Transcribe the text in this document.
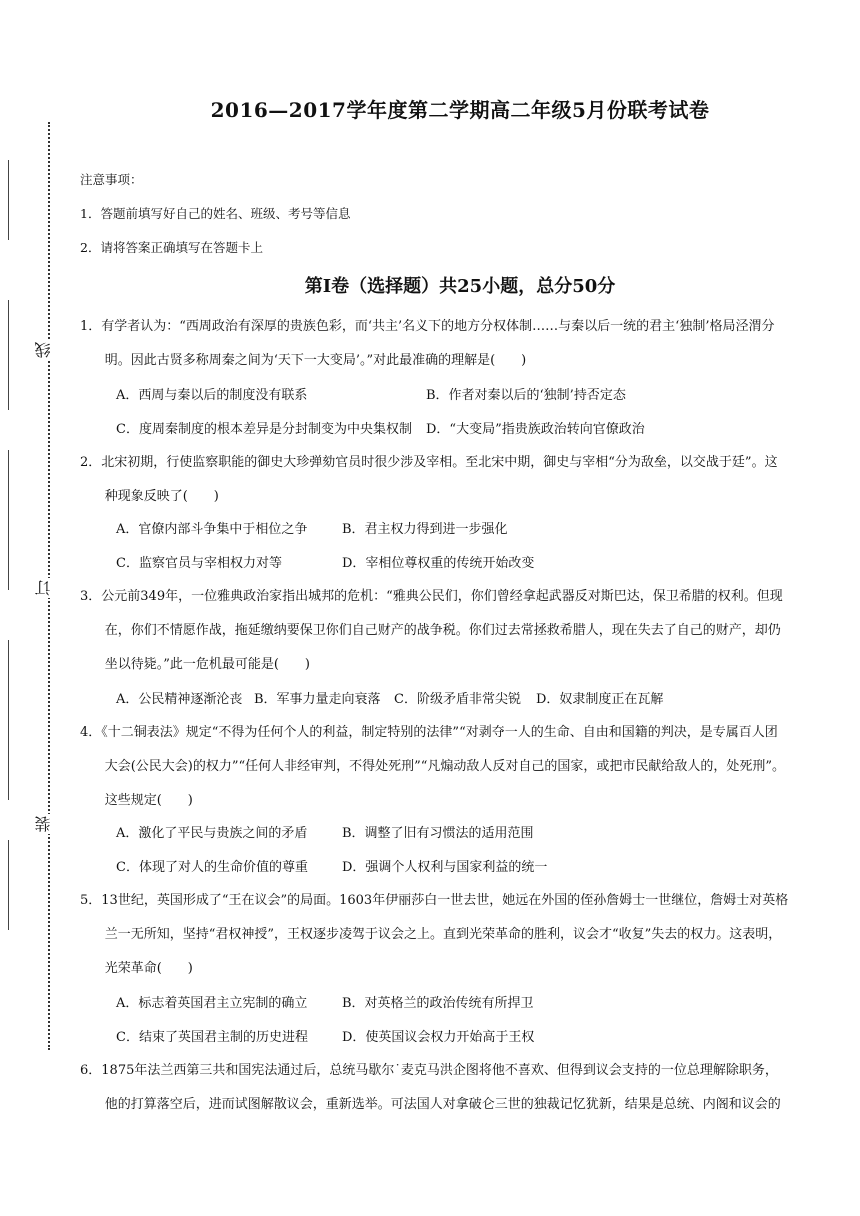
线
订
装
2016—2017学年度第二学期高二年级5月份联考试卷
注意事项：
1．答题前填写好自己的姓名、班级、考号等信息
2．请将答案正确填写在答题卡上
第I卷（选择题）共25小题，总分50分
1．有学者认为：“西周政治有深厚的贵族色彩，而‘共主’名义下的地方分权体制……与秦以后一统的君主‘独制’格局泾渭分明。因此古贤多称周秦之间为‘天下一大变局’。”对此最准确的理解是(　　)
A．西周与秦以后的制度没有联系	B．作者对秦以后的‘独制’持否定态
C．度周秦制度的根本差异是分封制变为中央集权制 D．“大变局”指贵族政治转向官僚政治
2．北宋初期，行使监察职能的御史大珍弹劾官员时很少涉及宰相。至北宋中期，御史与宰相“分为敌垒，以交战于廷”。这种现象反映了(　　)
A．官僚内部斗争集中于相位之争	B．君主权力得到进一步强化
C．监察官员与宰相权力对等	D．宰相位尊权重的传统开始改变
3．公元前349年，一位雅典政治家指出城邦的危机：“雅典公民们，你们曾经拿起武器反对斯巴达，保卫希腊的权利。但现在，你们不情愿作战，拖延缴纳要保卫你们自己财产的战争税。你们过去常拯救希腊人，现在失去了自己的财产，却仍坐以待毙。”此一危机最可能是(　　)
A．公民精神逐渐沦丧 B．军事力量走向衰落 C．阶级矛盾非常尖锐 D．奴隶制度正在瓦解
4．《十二铜表法》规定“不得为任何个人的利益，制定特别的法律”“对剥夺一人的生命、自由和国籍的判决，是专属百人团大会(公民大会)的权力”“任何人非经审判，不得处死刑”“凡煽动敌人反对自己的国家，或把市民献给敌人的，处死刑”。这些规定(　　)
A．激化了平民与贵族之间的矛盾	B．调整了旧有习惯法的适用范围
C．体现了对人的生命价值的尊重	D．强调个人权利与国家利益的统一
5．13世纪，英国形成了“王在议会”的局面。1603年伊丽莎白一世去世，她远在外国的侄孙詹姆士一世继位，詹姆士对英格兰一无所知，坚持“君权神授”，王权逐步凌驾于议会之上。直到光荣革命的胜利，议会才“收复”失去的权力。这表明，光荣革命(　　)
A．标志着英国君主立宪制的确立	B．对英格兰的政治传统有所捍卫
C．结束了英国君主制的历史进程	D．使英国议会权力开始高于王权
6．1875年法兰西第三共和国宪法通过后，总统马歇尔˙麦克马洪企图将他不喜欢、但得到议会支持的一位总理解除职务，他的打算落空后，进而试图解散议会，重新选举。可法国人对拿破仑三世的独裁记忆犹新，结果是总统、内阁和议会的
